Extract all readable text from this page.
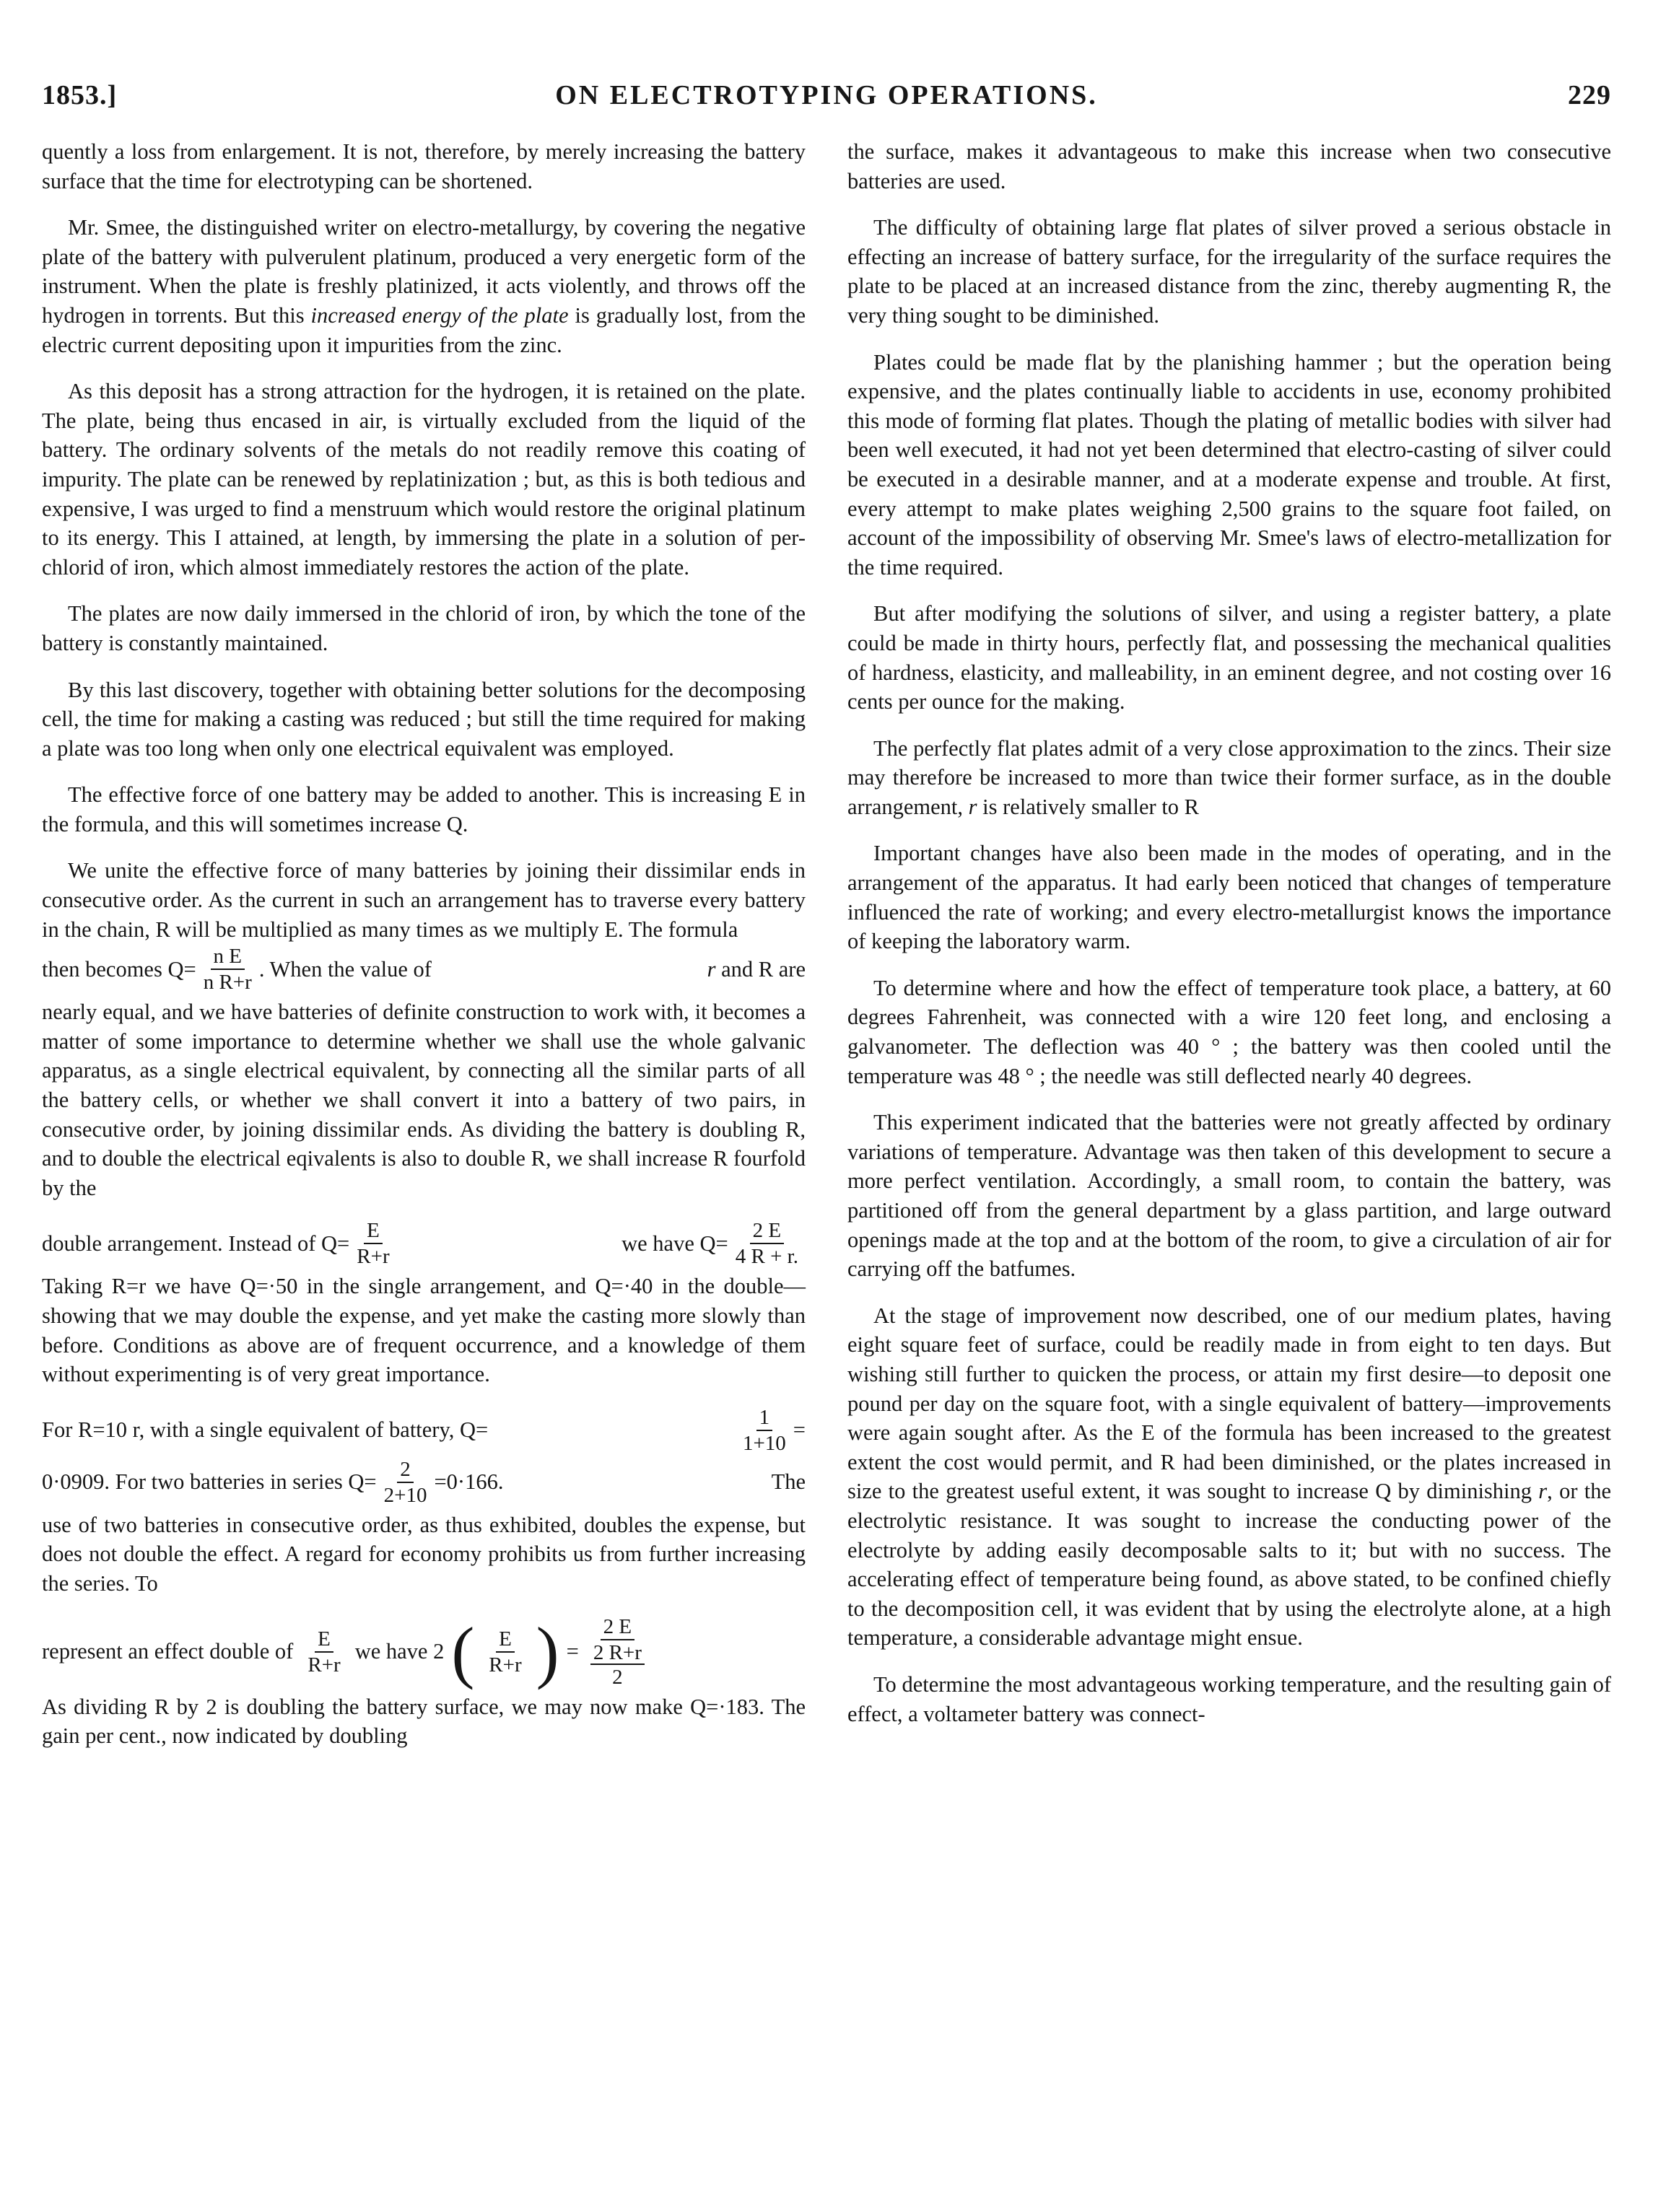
1853.]	ON ELECTROTYPING OPERATIONS.	229

quently a loss from enlargement. It is not, therefore, by merely increasing the battery surface that the time for electrotyping can be shortened.

Mr. Smee, the distinguished writer on electro-metallurgy, by covering the negative plate of the battery with pulverulent platinum, produced a very energetic form of the instrument. When the plate is freshly platinized, it acts violently, and throws off the hydrogen in torrents. But this increased energy of the plate is gradually lost, from the electric current depositing upon it impurities from the zinc.

As this deposit has a strong attraction for the hydrogen, it is retained on the plate. The plate, being thus encased in air, is virtually excluded from the liquid of the battery. The ordinary solvents of the metals do not readily remove this coating of impurity. The plate can be renewed by replatinization ; but, as this is both tedious and expensive, I was urged to find a menstruum which would restore the original platinum to its energy. This I attained, at length, by immersing the plate in a solution of per-chlorid of iron, which almost immediately restores the action of the plate.

The plates are now daily immersed in the chlorid of iron, by which the tone of the battery is constantly maintained.

By this last discovery, together with obtaining better solutions for the decomposing cell, the time for making a casting was reduced ; but still the time required for making a plate was too long when only one electrical equivalent was employed.

The effective force of one battery may be added to another. This is increasing E in the formula, and this will sometimes increase Q.

We unite the effective force of many batteries by joining their dissimilar ends in consecutive order. As the current in such an arrangement has to traverse every battery in the chain, R will be multiplied as many times as we multiply E. The formula

then becomes $Q= \frac{\text{n E}}{\text{n R+r}}$ . When the value of	r and R are

nearly equal, and we have batteries of definite construction to work with, it becomes a matter of some importance to determine whether we shall use the whole galvanic apparatus, as a single electrical equivalent, by connecting all the similar parts of all the battery cells, or whether we shall convert it into a battery of two pairs, in consecutive order, by joining dissimilar ends. As dividing the battery is doubling R, and to double the electrical eqivalents is also to double R, we shall increase R fourfold by the

double arrangement. Instead of $Q= \frac{E}{R+r}$	we have $Q= \frac{2 E}{4 R + r.}$

Taking R=r we have Q=·50 in the single arrangement, and Q=·40 in the double—showing that we may double the expense, and yet make the casting more slowly than before. Conditions as above are of frequent occurrence, and a knowledge of them without experimenting is of very great importance.

For R=10 r, with a single equivalent of battery, Q=	$\frac{1}{1+10}$ =
0·0909. For two batteries in series $Q= \frac{2}{2+10} =0\cdot 166$.	The

use of two batteries in consecutive order, as thus exhibited, doubles the expense, but does not double the effect. A regard for economy prohibits us from further increasing the series. To

represent an effect double of $\frac{E}{R+r}$ we have 2 ( $\frac{E}{R+r}$ ) =
2 E
2 R+r
2

As dividing R by 2 is doubling the battery surface, we may now make Q=·183. The gain per cent., now indicated by doubling

the surface, makes it advantageous to make this increase when two consecutive batteries are used.

The difficulty of obtaining large flat plates of silver proved a serious obstacle in effecting an increase of battery surface, for the irregularity of the surface requires the plate to be placed at an increased distance from the zinc, thereby augmenting R, the very thing sought to be diminished.

Plates could be made flat by the planishing hammer ; but the operation being expensive, and the plates continually liable to accidents in use, economy prohibited this mode of forming flat plates. Though the plating of metallic bodies with silver had been well executed, it had not yet been determined that electro-casting of silver could be executed in a desirable manner, and at a moderate expense and trouble. At first, every attempt to make plates weighing 2,500 grains to the square foot failed, on account of the impossibility of observing Mr. Smee's laws of electro-metallization for the time required.

But after modifying the solutions of silver, and using a register battery, a plate could be made in thirty hours, perfectly flat, and possessing the mechanical qualities of hardness, elasticity, and malleability, in an eminent degree, and not costing over 16 cents per ounce for the making.

The perfectly flat plates admit of a very close approximation to the zincs. Their size may therefore be increased to more than twice their former surface, as in the double arrangement, r is relatively smaller to R

Important changes have also been made in the modes of operating, and in the arrangement of the apparatus. It had early been noticed that changes of temperature influenced the rate of working; and every electro-metallurgist knows the importance of keeping the laboratory warm.

To determine where and how the effect of temperature took place, a battery, at 60 degrees Fahrenheit, was connected with a wire 120 feet long, and enclosing a galvanometer. The deflection was 40 ° ; the battery was then cooled until the temperature was 48 ° ; the needle was still deflected nearly 40 degrees.

This experiment indicated that the batteries were not greatly affected by ordinary variations of temperature. Advantage was then taken of this development to secure a more perfect ventilation. Accordingly, a small room, to contain the battery, was partitioned off from the general department by a glass partition, and large outward openings made at the top and at the bottom of the room, to give a circulation of air for carrying off the batfumes.

At the stage of improvement now described, one of our medium plates, having eight square feet of surface, could be readily made in from eight to ten days. But wishing still further to quicken the process, or attain my first desire—to deposit one pound per day on the square foot, with a single equivalent of battery—improvements were again sought after. As the E of the formula has been increased to the greatest extent the cost would permit, and R had been diminished, or the plates increased in size to the greatest useful extent, it was sought to increase Q by diminishing r, or the electrolytic resistance. It was sought to increase the conducting power of the electrolyte by adding easily decomposable salts to it; but with no success. The accelerating effect of temperature being found, as above stated, to be confined chiefly to the decomposition cell, it was evident that by using the electrolyte alone, at a high temperature, a considerable advantage might ensue.

To determine the most advantageous working temperature, and the resulting gain of effect, a voltameter battery was connect-
